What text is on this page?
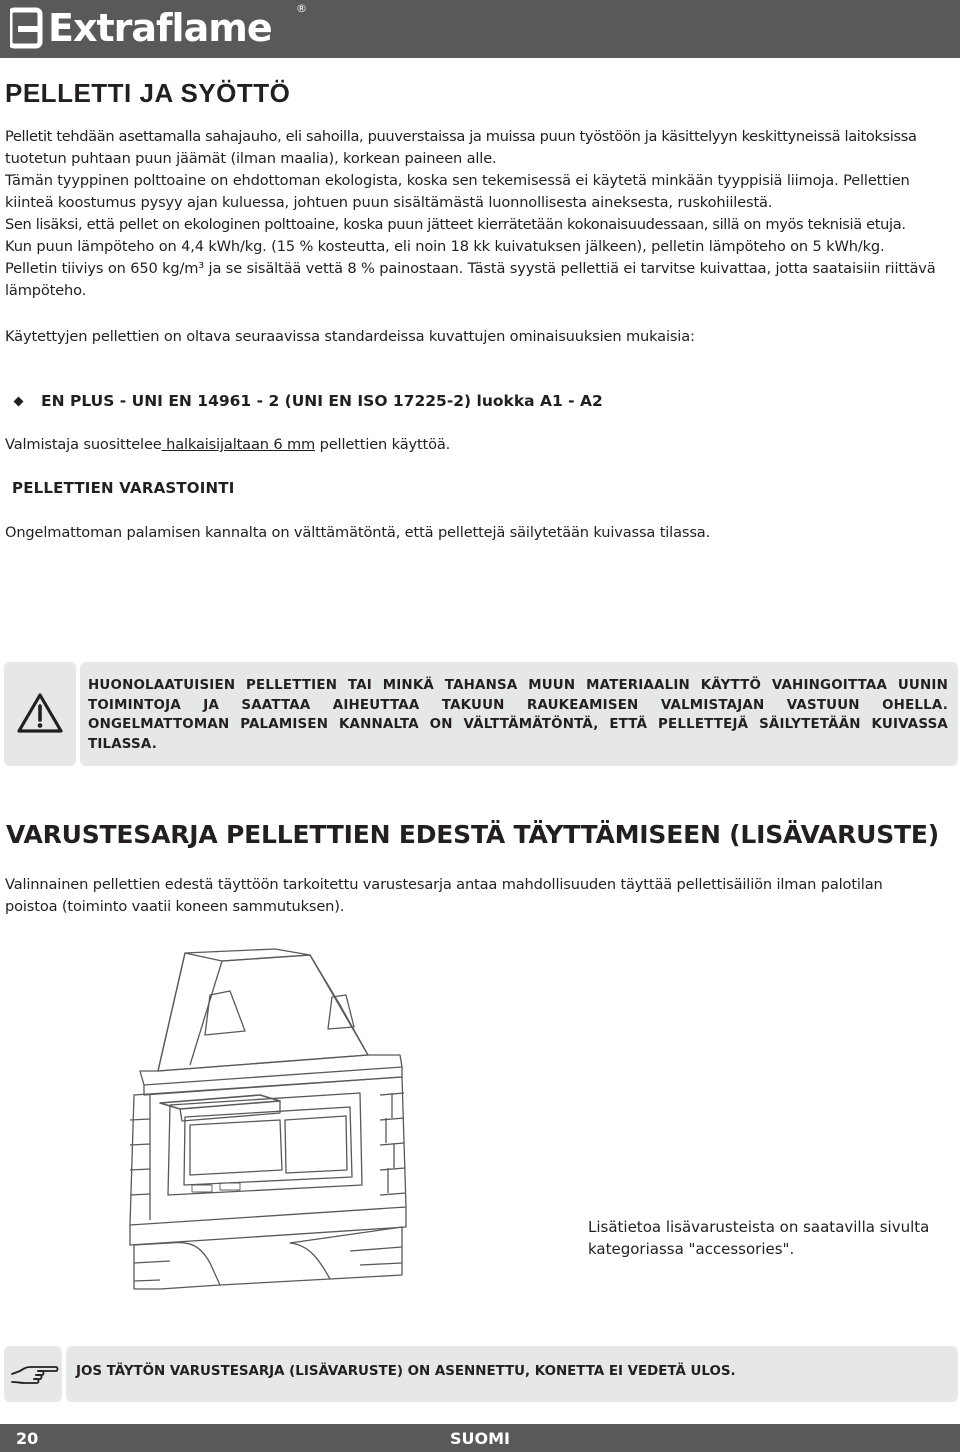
Extraflame ®
PELLETTI JA SYÖTTÖ
Pelletit tehdään asettamalla sahajauho, eli sahoilla, puuverstaissa ja muissa puun työstöön ja käsittelyyn keskittyneissä laitoksissa
tuotetun puhtaan puun jäämät (ilman maalia), korkean paineen alle.
Tämän tyyppinen polttoaine on ehdottoman ekologista, koska sen tekemisessä ei käytetä minkään tyyppisiä liimoja. Pellettien
kiinteä koostumus pysyy ajan kuluessa, johtuen puun sisältämästä luonnollisesta aineksesta, ruskohiilestä.
Sen lisäksi, että pellet on ekologinen polttoaine, koska puun jätteet kierrätetään kokonaisuudessaan, sillä on myös teknisiä etuja.
Kun puun lämpöteho on 4,4 kWh/kg. (15 % kosteutta, eli noin 18 kk kuivatuksen jälkeen), pelletin lämpöteho on 5 kWh/kg.
Pelletin tiiviys on 650 kg/m³ ja se sisältää vettä 8 % painostaan. Tästä syystä pellettiä ei tarvitse kuivattaa, jotta saataisiin riittävä
lämpöteho.
Käytettyjen pellettien on oltava seuraavissa standardeissa kuvattujen ominaisuuksien mukaisia:
EN PLUS - UNI EN 14961 - 2 (UNI EN ISO 17225-2) luokka A1 - A2
Valmistaja suosittelee halkaisijaltaan 6 mm pellettien käyttöä.
PELLETTIEN VARASTOINTI
Ongelmattoman palamisen kannalta on välttämätöntä, että pellettejä säilytetään kuivassa tilassa.
HUONOLAATUISIEN PELLETTIEN TAI MINKÄ TAHANSA MUUN MATERIAALIN KÄYTTÖ VAHINGOITTAA UUNIN TOIMINTOJA JA SAATTAA AIHEUTTAA TAKUUN RAUKEAMISEN VALMISTAJAN VASTUUN OHELLA. ONGELMATTOMAN PALAMISEN KANNALTA ON VÄLTTÄMÄTÖNTÄ, ETTÄ PELLETTEJÄ SÄILYTETÄÄN KUIVASSA TILASSA.
VARUSTESARJA PELLETTIEN EDESTÄ TÄYTTÄMISEEN (LISÄVARUSTE)
Valinnainen pellettien edestä täyttöön tarkoitettu varustesarja antaa mahdollisuuden täyttää pellettisäiliön ilman palotilan
poistoa (toiminto vaatii koneen sammutuksen).
Lisätietoa lisävarusteista on saatavilla sivulta
kategoriassa "accessories".
JOS TÄYTÖN VARUSTESARJA (LISÄVARUSTE) ON ASENNETTU, KONETTA EI VEDETÄ ULOS.
20	SUOMI
